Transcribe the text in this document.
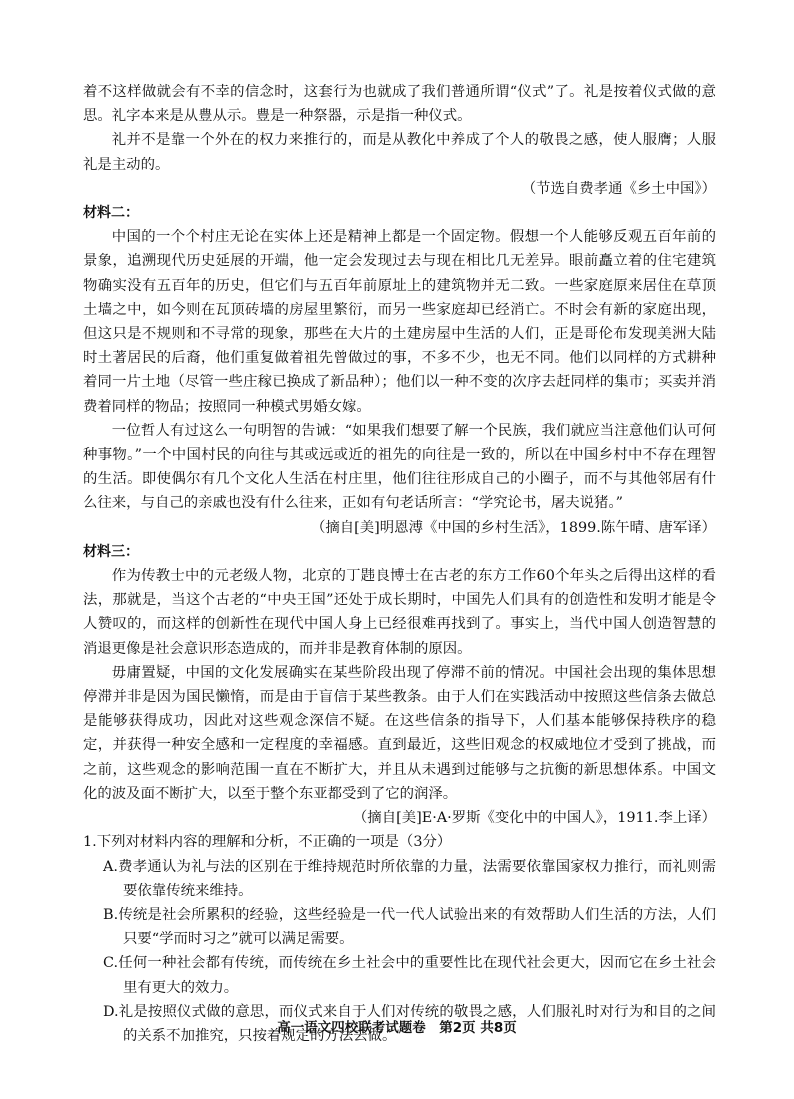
着不这样做就会有不幸的信念时，这套行为也就成了我们普通所谓“仪式”了。礼是按着仪式做的意思。礼字本来是从豊从示。豊是一种祭器，示是指一种仪式。

礼并不是靠一个外在的权力来推行的，而是从教化中养成了个人的敬畏之感，使人服膺；人服礼是主动的。

（节选自费孝通《乡土中国》）

材料二：

中国的一个个村庄无论在实体上还是精神上都是一个固定物。假想一个人能够反观五百年前的景象，追溯现代历史延展的开端，他一定会发现过去与现在相比几无差异。眼前矗立着的住宅建筑物确实没有五百年的历史，但它们与五百年前原址上的建筑物并无二致。一些家庭原来居住在草顶土墙之中，如今则在瓦顶砖墙的房屋里繁衍，而另一些家庭却已经消亡。不时会有新的家庭出现，但这只是不规则和不寻常的现象，那些在大片的土建房屋中生活的人们，正是哥伦布发现美洲大陆时土著居民的后裔，他们重复做着祖先曾做过的事，不多不少，也无不同。他们以同样的方式耕种着同一片土地（尽管一些庄稼已换成了新品种）；他们以一种不变的次序去赶同样的集市；买卖并消费着同样的物品；按照同一种模式男婚女嫁。

一位哲人有过这么一句明智的告诫：“如果我们想要了解一个民族，我们就应当注意他们认可何种事物。”一个中国村民的向往与其或远或近的祖先的向往是一致的，所以在中国乡村中不存在理智的生活。即使偶尔有几个文化人生活在村庄里，他们往往形成自己的小圈子，而不与其他邻居有什么往来，与自己的亲戚也没有什么往来，正如有句老话所言：“学究论书，屠夫说猪。”

（摘自[美]明恩溥《中国的乡村生活》，1899.陈午晴、唐军译）

材料三：

作为传教士中的元老级人物，北京的丁韪良博士在古老的东方工作60个年头之后得出这样的看法，那就是，当这个古老的“中央王国”还处于成长期时，中国先人们具有的创造性和发明才能是令人赞叹的，而这样的创新性在现代中国人身上已经很难再找到了。事实上，当代中国人创造智慧的消退更像是社会意识形态造成的，而并非是教育体制的原因。

毋庸置疑，中国的文化发展确实在某些阶段出现了停滞不前的情况。中国社会出现的集体思想停滞并非是因为国民懒惰，而是由于盲信于某些教条。由于人们在实践活动中按照这些信条去做总是能够获得成功，因此对这些观念深信不疑。在这些信条的指导下，人们基本能够保持秩序的稳定，并获得一种安全感和一定程度的幸福感。直到最近，这些旧观念的权威地位才受到了挑战，而之前，这些观念的影响范围一直在不断扩大，并且从未遇到过能够与之抗衡的新思想体系。中国文化的波及面不断扩大，以至于整个东亚都受到了它的润泽。

（摘自[美]E·A·罗斯《变化中的中国人》，1911.李上译）

1.下列对材料内容的理解和分析，不正确的一项是（3分）

A.费孝通认为礼与法的区别在于维持规范时所依靠的力量，法需要依靠国家权力推行，而礼则需要依靠传统来维持。

B.传统是社会所累积的经验，这些经验是一代一代人试验出来的有效帮助人们生活的方法，人们只要“学而时习之”就可以满足需要。

C.任何一种社会都有传统，而传统在乡土社会中的重要性比在现代社会更大，因而它在乡土社会里有更大的效力。

D.礼是按照仪式做的意思，而仪式来自于人们对传统的敬畏之感，人们服礼时对行为和目的之间的关系不加推究，只按着规定的方法去做。

高一语文四校联考试题卷　第2页 共8页
